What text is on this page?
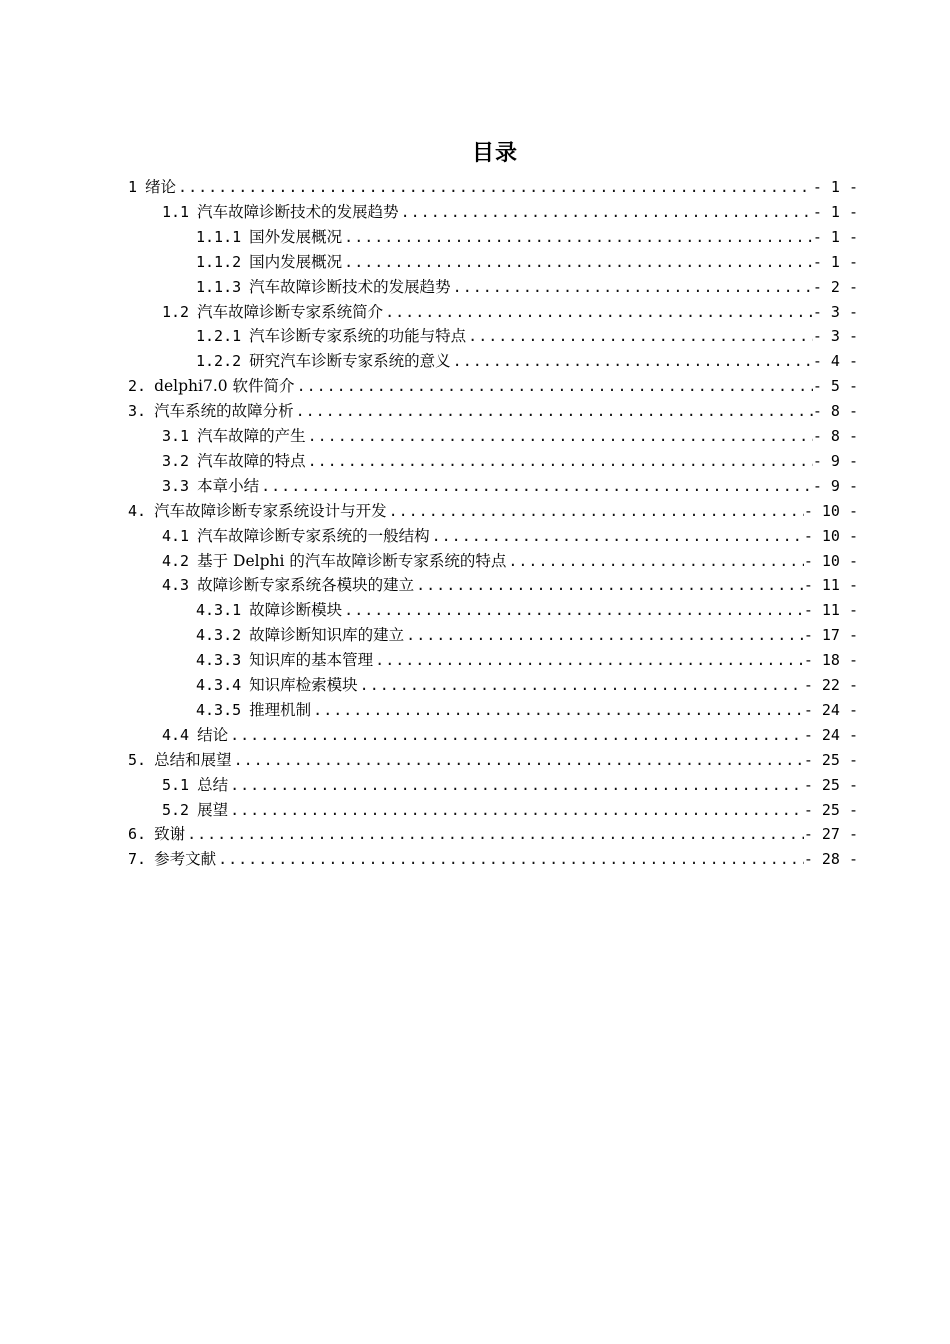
目录
1 绪论 .....	- 1 -
1.1 汽车故障诊断技术的发展趋势 .....	- 1 -
1.1.1 国外发展概况 .....	- 1 -
1.1.2 国内发展概况 .....	- 1 -
1.1.3 汽车故障诊断技术的发展趋势 .....	- 2 -
1.2 汽车故障诊断专家系统简介 .....	- 3 -
1.2.1 汽车诊断专家系统的功能与特点 .....	- 3 -
1.2.2 研究汽车诊断专家系统的意义 .....	- 4 -
2. delphi7.0 软件简介 .....	- 5 -
3. 汽车系统的故障分析 .....	- 8 -
3.1 汽车故障的产生 .....	- 8 -
3.2 汽车故障的特点 .....	- 9 -
3.3 本章小结 .....	- 9 -
4. 汽车故障诊断专家系统设计与开发 .....	- 10 -
4.1 汽车故障诊断专家系统的一般结构 .....	- 10 -
4.2 基于 Delphi 的汽车故障诊断专家系统的特点 .....	- 10 -
4.3 故障诊断专家系统各模块的建立 .....	- 11 -
4.3.1 故障诊断模块 .....	- 11 -
4.3.2 故障诊断知识库的建立 .....	- 17 -
4.3.3 知识库的基本管理 .....	- 18 -
4.3.4 知识库检索模块 .....	- 22 -
4.3.5 推理机制 .....	- 24 -
4.4 结论 .....	- 24 -
5. 总结和展望 .....	- 25 -
5.1 总结 .....	- 25 -
5.2 展望 .....	- 25 -
6. 致谢 .....	- 27 -
7. 参考文献 .....	- 28 -
